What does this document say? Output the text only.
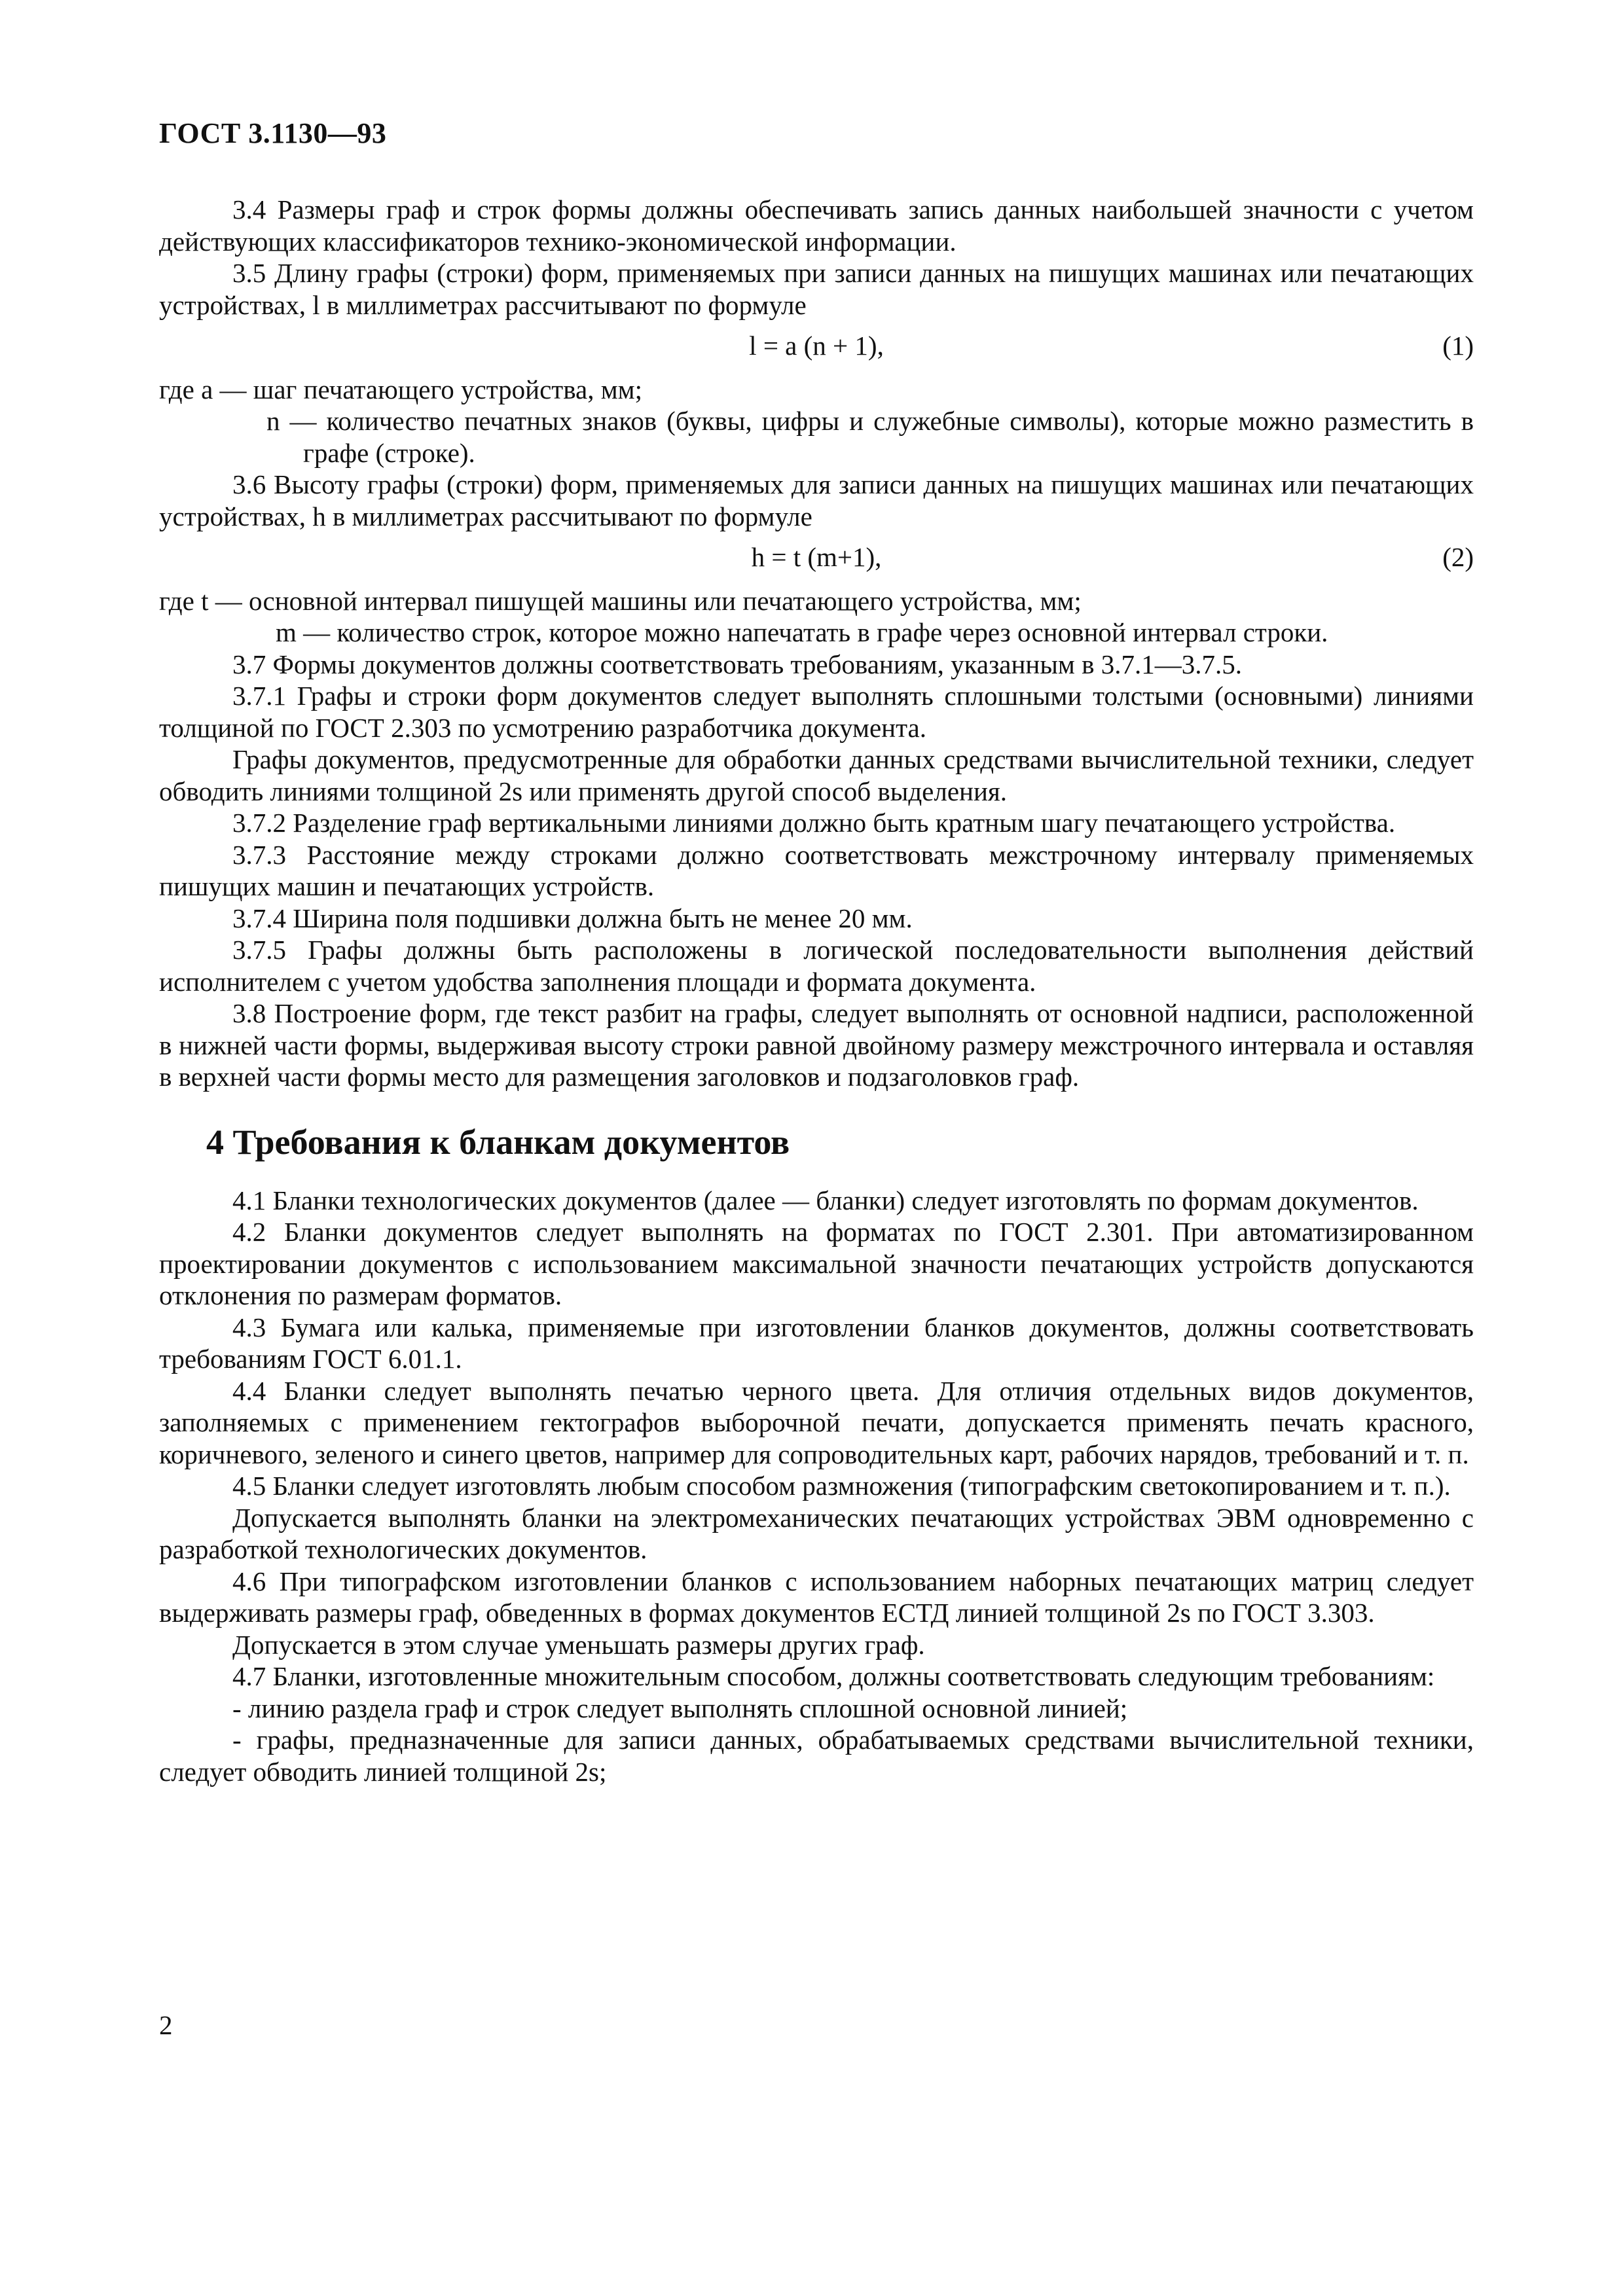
ГОСТ 3.1130—93

3.4 Размеры граф и строк формы должны обеспечивать запись данных наибольшей значности с учетом действующих классификаторов технико-экономической информации.

3.5 Длину графы (строки) форм, применяемых при записи данных на пишущих машинах или печатающих устройствах, l в миллиметрах рассчитывают по формуле

l = a (n + 1),	(1)

где a — шаг печатающего устройства, мм;

n — количество печатных знаков (буквы, цифры и служебные символы), которые можно разместить в графе (строке).

3.6 Высоту графы (строки) форм, применяемых для записи данных на пишущих машинах или печатающих устройствах, h в миллиметрах рассчитывают по формуле

h = t (m+1),	(2)

где t — основной интервал пишущей машины или печатающего устройства, мм;

m — количество строк, которое можно напечатать в графе через основной интервал строки.

3.7 Формы документов должны соответствовать требованиям, указанным в 3.7.1—3.7.5.

3.7.1 Графы и строки форм документов следует выполнять сплошными толстыми (основными) линиями толщиной по ГОСТ 2.303 по усмотрению разработчика документа.

Графы документов, предусмотренные для обработки данных средствами вычислительной техники, следует обводить линиями толщиной 2s или применять другой способ выделения.

3.7.2 Разделение граф вертикальными линиями должно быть кратным шагу печатающего устройства.

3.7.3 Расстояние между строками должно соответствовать межстрочному интервалу применяемых пишущих машин и печатающих устройств.

3.7.4 Ширина поля подшивки должна быть не менее 20 мм.

3.7.5 Графы должны быть расположены в логической последовательности выполнения действий исполнителем с учетом удобства заполнения площади и формата документа.

3.8 Построение форм, где текст разбит на графы, следует выполнять от основной надписи, расположенной в нижней части формы, выдерживая высоту строки равной двойному размеру межстрочного интервала и оставляя в верхней части формы место для размещения заголовков и подзаголовков граф.

4 Требования к бланкам документов

4.1 Бланки технологических документов (далее — бланки) следует изготовлять по формам документов.

4.2 Бланки документов следует выполнять на форматах по ГОСТ 2.301. При автоматизированном проектировании документов с использованием максимальной значности печатающих устройств допускаются отклонения по размерам форматов.

4.3 Бумага или калька, применяемые при изготовлении бланков документов, должны соответствовать требованиям ГОСТ 6.01.1.

4.4 Бланки следует выполнять печатью черного цвета. Для отличия отдельных видов документов, заполняемых с применением гектографов выборочной печати, допускается применять печать красного, коричневого, зеленого и синего цветов, например для сопроводительных карт, рабочих нарядов, требований и т. п.

4.5 Бланки следует изготовлять любым способом размножения (типографским светокопированием и т. п.).

Допускается выполнять бланки на электромеханических печатающих устройствах ЭВМ одновременно с разработкой технологических документов.

4.6 При типографском изготовлении бланков с использованием наборных печатающих матриц следует выдерживать размеры граф, обведенных в формах документов ЕСТД линией толщиной 2s по ГОСТ 3.303.

Допускается в этом случае уменьшать размеры других граф.

4.7 Бланки, изготовленные множительным способом, должны соответствовать следующим требованиям:

- линию раздела граф и строк следует выполнять сплошной основной линией;

- графы, предназначенные для записи данных, обрабатываемых средствами вычислительной техники, следует обводить линией толщиной 2s;

2
